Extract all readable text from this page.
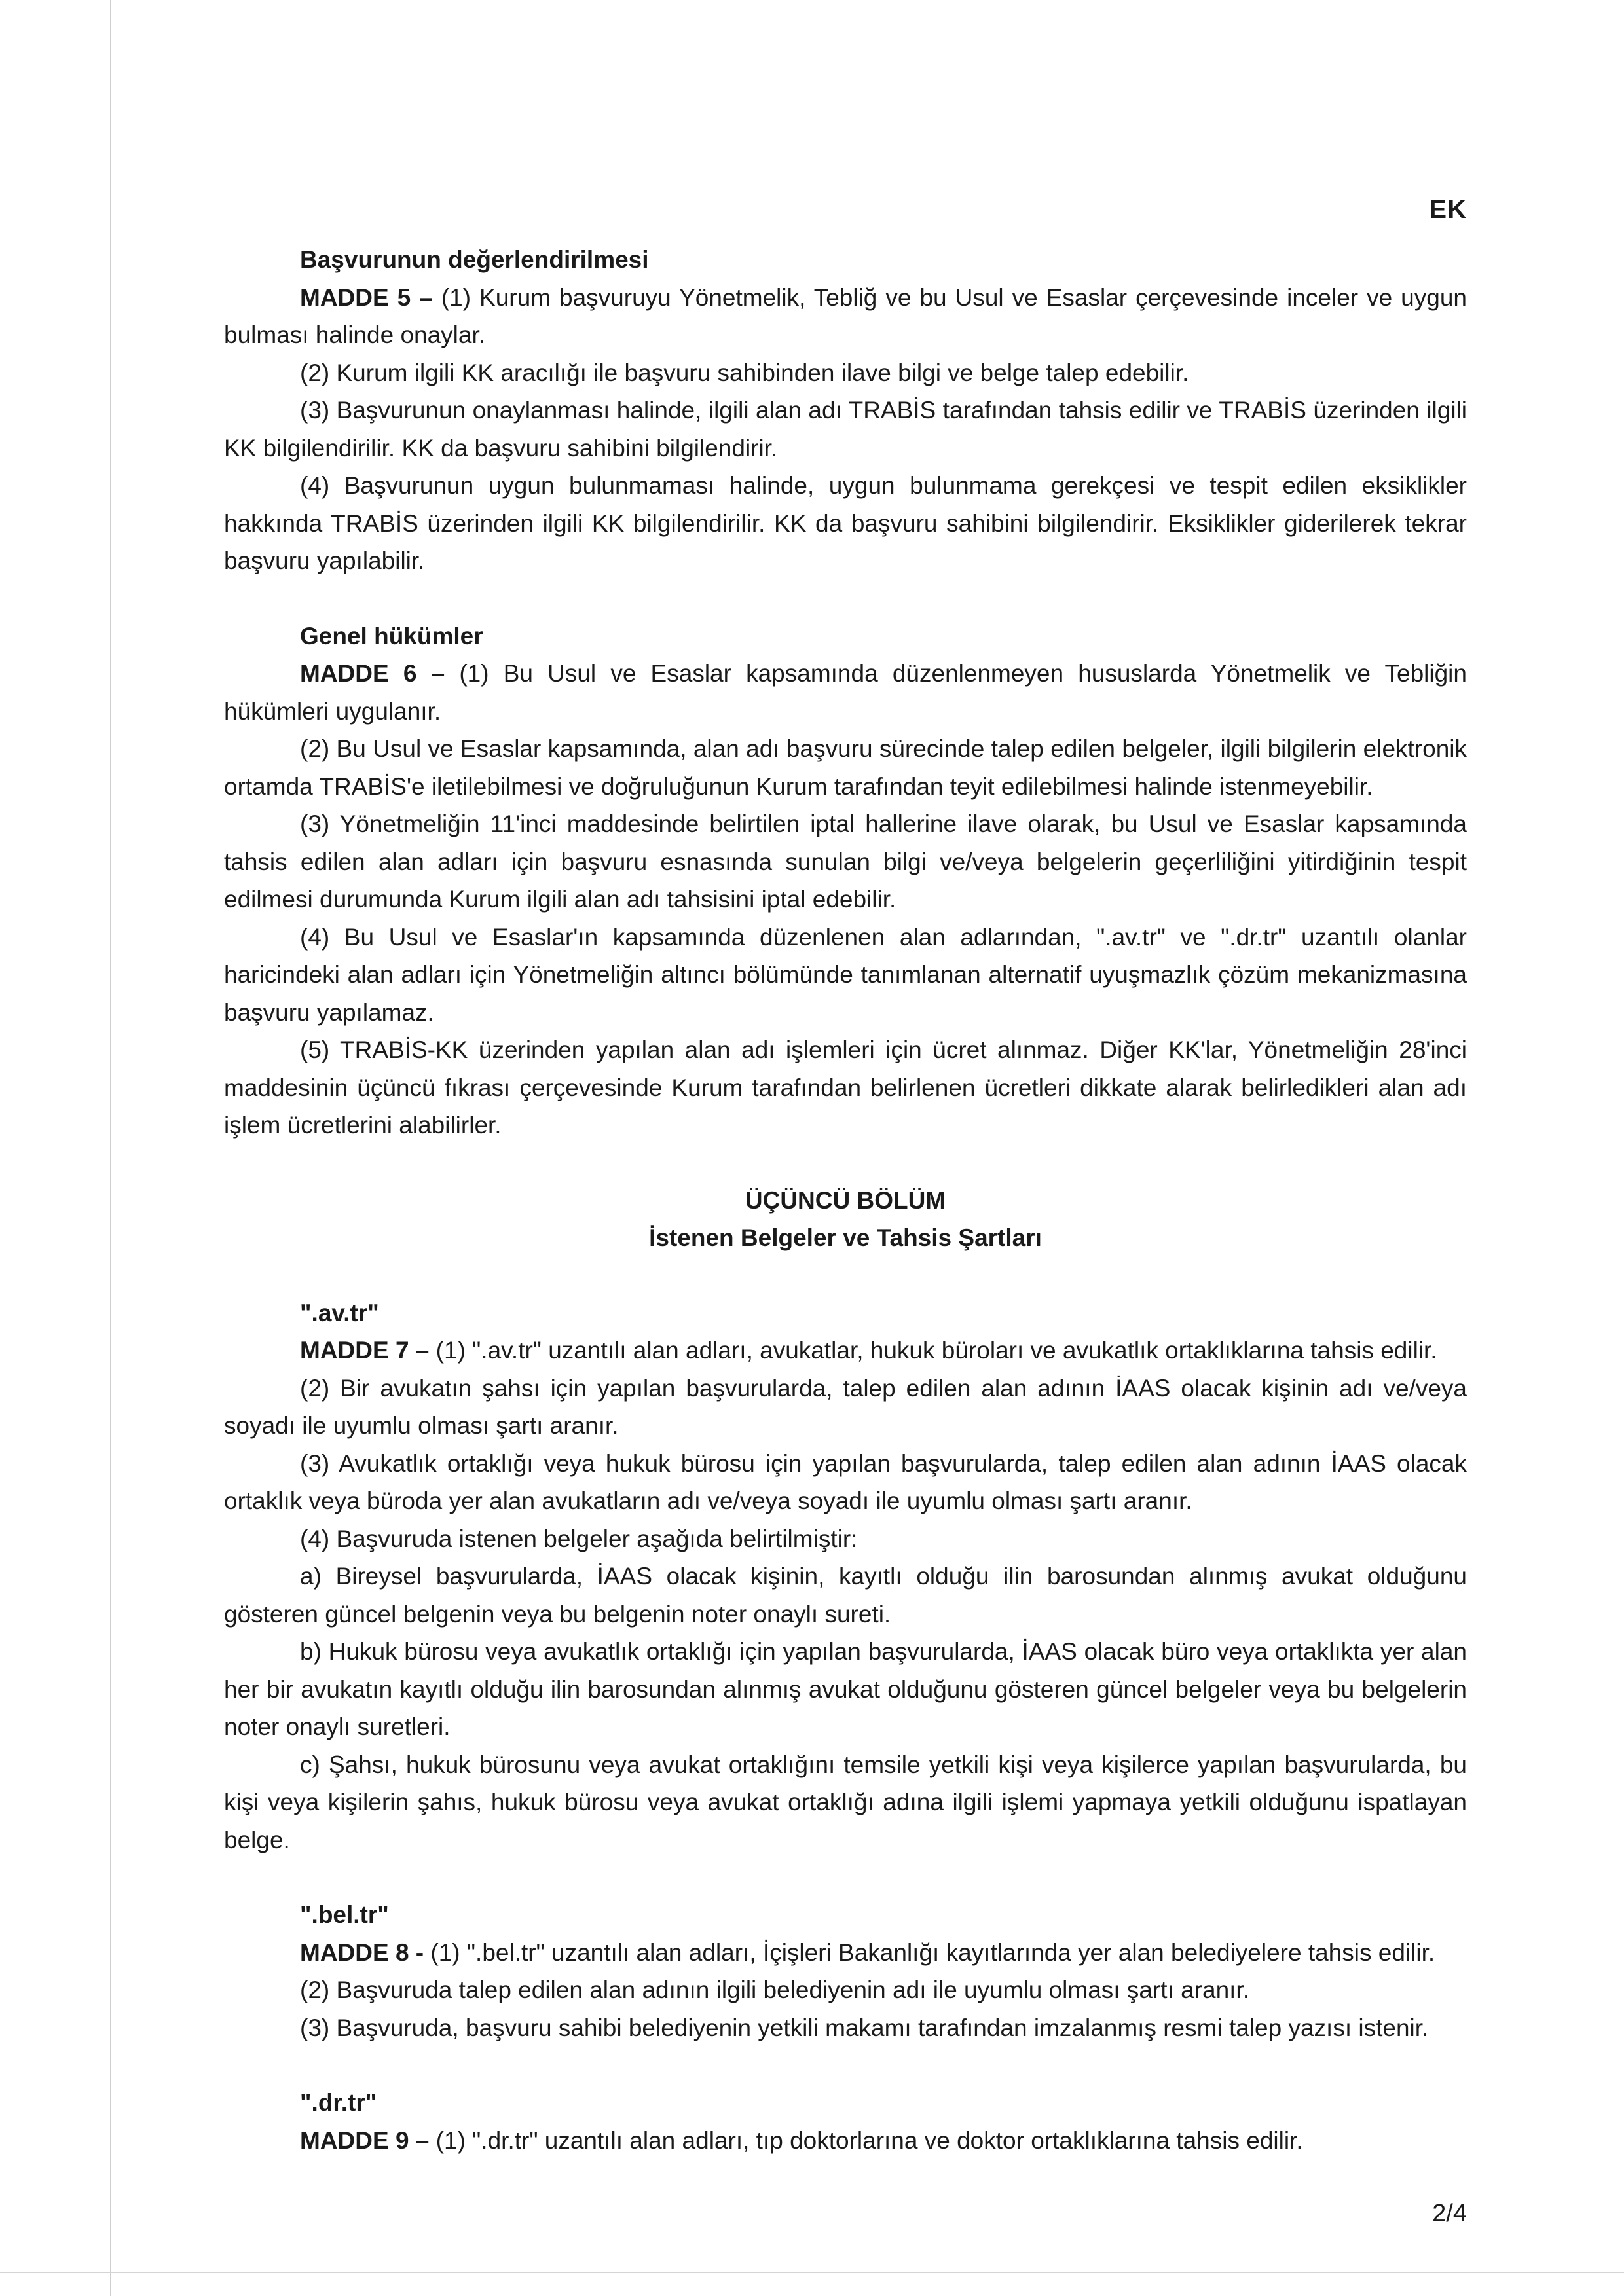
EK

Başvurunun değerlendirilmesi

MADDE 5 – (1) Kurum başvuruyu Yönetmelik, Tebliğ ve bu Usul ve Esaslar çerçevesinde inceler ve uygun bulması halinde onaylar.

(2) Kurum ilgili KK aracılığı ile başvuru sahibinden ilave bilgi ve belge talep edebilir.

(3) Başvurunun onaylanması halinde, ilgili alan adı TRABİS tarafından tahsis edilir ve TRABİS üzerinden ilgili KK bilgilendirilir. KK da başvuru sahibini bilgilendirir.

(4) Başvurunun uygun bulunmaması halinde, uygun bulunmama gerekçesi ve tespit edilen eksiklikler hakkında TRABİS üzerinden ilgili KK bilgilendirilir. KK da başvuru sahibini bilgilendirir. Eksiklikler giderilerek tekrar başvuru yapılabilir.

Genel hükümler

MADDE 6 – (1) Bu Usul ve Esaslar kapsamında düzenlenmeyen hususlarda Yönetmelik ve Tebliğin hükümleri uygulanır.

(2) Bu Usul ve Esaslar kapsamında, alan adı başvuru sürecinde talep edilen belgeler, ilgili bilgilerin elektronik ortamda TRABİS'e iletilebilmesi ve doğruluğunun Kurum tarafından teyit edilebilmesi halinde istenmeyebilir.

(3) Yönetmeliğin 11'inci maddesinde belirtilen iptal hallerine ilave olarak, bu Usul ve Esaslar kapsamında tahsis edilen alan adları için başvuru esnasında sunulan bilgi ve/veya belgelerin geçerliliğini yitirdiğinin tespit edilmesi durumunda Kurum ilgili alan adı tahsisini iptal edebilir.

(4) Bu Usul ve Esaslar'ın kapsamında düzenlenen alan adlarından, ".av.tr" ve ".dr.tr" uzantılı olanlar haricindeki alan adları için Yönetmeliğin altıncı bölümünde tanımlanan alternatif uyuşmazlık çözüm mekanizmasına başvuru yapılamaz.

(5) TRABİS-KK üzerinden yapılan alan adı işlemleri için ücret alınmaz. Diğer KK'lar, Yönetmeliğin 28'inci maddesinin üçüncü fıkrası çerçevesinde Kurum tarafından belirlenen ücretleri dikkate alarak belirledikleri alan adı işlem ücretlerini alabilirler.

ÜÇÜNCÜ BÖLÜM

İstenen Belgeler ve Tahsis Şartları

".av.tr"

MADDE 7 – (1) ".av.tr" uzantılı alan adları, avukatlar, hukuk büroları ve avukatlık ortaklıklarına tahsis edilir.

(2) Bir avukatın şahsı için yapılan başvurularda, talep edilen alan adının İAAS olacak kişinin adı ve/veya soyadı ile uyumlu olması şartı aranır.

(3) Avukatlık ortaklığı veya hukuk bürosu için yapılan başvurularda, talep edilen alan adının İAAS olacak ortaklık veya büroda yer alan avukatların adı ve/veya soyadı ile uyumlu olması şartı aranır.

(4) Başvuruda istenen belgeler aşağıda belirtilmiştir:

a) Bireysel başvurularda, İAAS olacak kişinin, kayıtlı olduğu ilin barosundan alınmış avukat olduğunu gösteren güncel belgenin veya bu belgenin noter onaylı sureti.

b) Hukuk bürosu veya avukatlık ortaklığı için yapılan başvurularda, İAAS olacak büro veya ortaklıkta yer alan her bir avukatın kayıtlı olduğu ilin barosundan alınmış avukat olduğunu gösteren güncel belgeler veya bu belgelerin noter onaylı suretleri.

c) Şahsı, hukuk bürosunu veya avukat ortaklığını temsile yetkili kişi veya kişilerce yapılan başvurularda, bu kişi veya kişilerin şahıs, hukuk bürosu veya avukat ortaklığı adına ilgili işlemi yapmaya yetkili olduğunu ispatlayan belge.

".bel.tr"

MADDE 8 - (1) ".bel.tr" uzantılı alan adları, İçişleri Bakanlığı kayıtlarında yer alan belediyelere tahsis edilir.

(2) Başvuruda talep edilen alan adının ilgili belediyenin adı ile uyumlu olması şartı aranır.

(3) Başvuruda, başvuru sahibi belediyenin yetkili makamı tarafından imzalanmış resmi talep yazısı istenir.

".dr.tr"

MADDE 9 – (1) ".dr.tr" uzantılı alan adları, tıp doktorlarına ve doktor ortaklıklarına tahsis edilir.

2/4
